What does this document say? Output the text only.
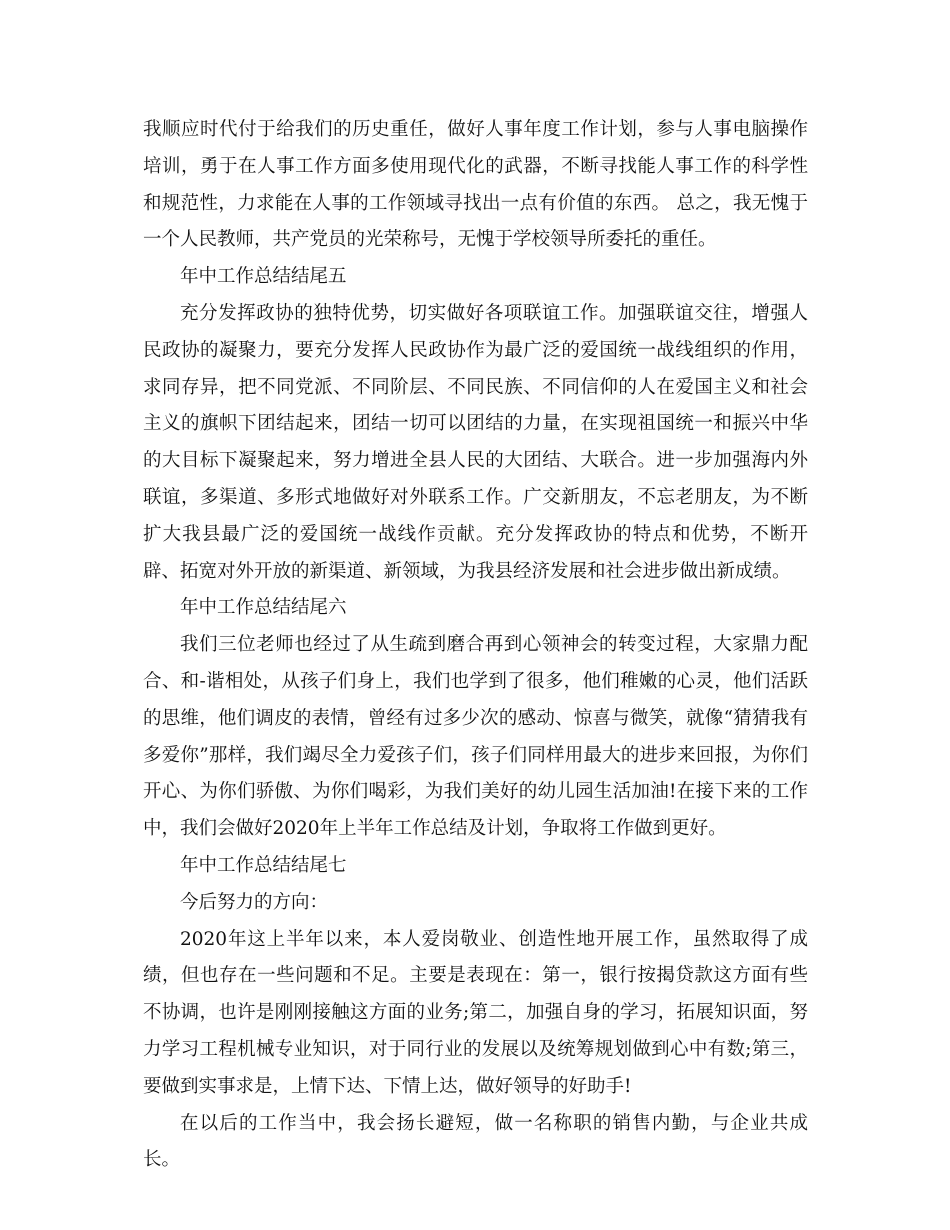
我顺应时代付于给我们的历史重任，做好人事年度工作计划，参与人事电脑操作培训，勇于在人事工作方面多使用现代化的武器，不断寻找能人事工作的科学性和规范性，力求能在人事的工作领域寻找出一点有价值的东西。 总之，我无愧于一个人民教师，共产党员的光荣称号，无愧于学校领导所委托的重任。

年中工作总结结尾五

充分发挥政协的独特优势，切实做好各项联谊工作。加强联谊交往，增强人民政协的凝聚力，要充分发挥人民政协作为最广泛的爱国统一战线组织的作用，求同存异，把不同党派、不同阶层、不同民族、不同信仰的人在爱国主义和社会主义的旗帜下团结起来，团结一切可以团结的力量，在实现祖国统一和振兴中华的大目标下凝聚起来，努力增进全县人民的大团结、大联合。进一步加强海内外联谊，多渠道、多形式地做好对外联系工作。广交新朋友，不忘老朋友，为不断扩大我县最广泛的爱国统一战线作贡献。充分发挥政协的特点和优势，不断开辟、拓宽对外开放的新渠道、新领域，为我县经济发展和社会进步做出新成绩。

年中工作总结结尾六

我们三位老师也经过了从生疏到磨合再到心领神会的转变过程，大家鼎力配合、和-谐相处，从孩子们身上，我们也学到了很多，他们稚嫩的心灵，他们活跃的思维，他们调皮的表情，曾经有过多少次的感动、惊喜与微笑，就像“猜猜我有多爱你”那样，我们竭尽全力爱孩子们，孩子们同样用最大的进步来回报，为你们开心、为你们骄傲、为你们喝彩，为我们美好的幼儿园生活加油!在接下来的工作中，我们会做好2020年上半年工作总结及计划，争取将工作做到更好。

年中工作总结结尾七

今后努力的方向：

2020年这上半年以来，本人爱岗敬业、创造性地开展工作，虽然取得了成绩，但也存在一些问题和不足。主要是表现在：第一，银行按揭贷款这方面有些不协调，也许是刚刚接触这方面的业务;第二，加强自身的学习，拓展知识面，努力学习工程机械专业知识，对于同行业的发展以及统筹规划做到心中有数;第三，要做到实事求是，上情下达、下情上达，做好领导的好助手!

在以后的工作当中，我会扬长避短，做一名称职的销售内勤，与企业共成长。
